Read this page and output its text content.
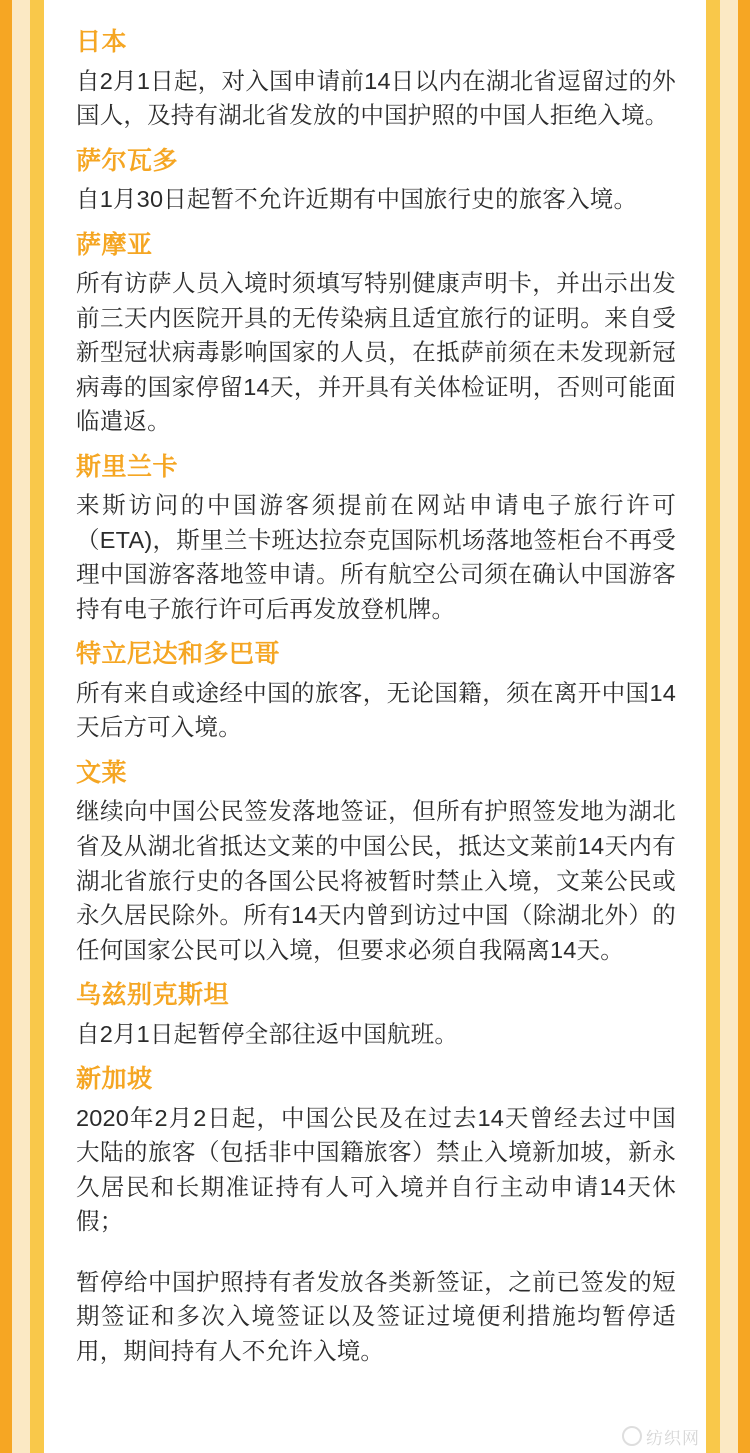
日本

自2月1日起，对入国申请前14日以内在湖北省逗留过的外国人，及持有湖北省发放的中国护照的中国人拒绝入境。

萨尔瓦多

自1月30日起暂不允许近期有中国旅行史的旅客入境。

萨摩亚

所有访萨人员入境时须填写特别健康声明卡，并出示出发前三天内医院开具的无传染病且适宜旅行的证明。来自受新型冠状病毒影响国家的人员，在抵萨前须在未发现新冠病毒的国家停留14天，并开具有关体检证明，否则可能面临遣返。

斯里兰卡

来斯访问的中国游客须提前在网站申请电子旅行许可（ETA)，斯里兰卡班达拉奈克国际机场落地签柜台不再受理中国游客落地签申请。所有航空公司须在确认中国游客持有电子旅行许可后再发放登机牌。

特立尼达和多巴哥

所有来自或途经中国的旅客，无论国籍，须在离开中国14天后方可入境。

文莱

继续向中国公民签发落地签证，但所有护照签发地为湖北省及从湖北省抵达文莱的中国公民，抵达文莱前14天内有湖北省旅行史的各国公民将被暂时禁止入境，文莱公民或永久居民除外。所有14天内曾到访过中国（除湖北外）的任何国家公民可以入境，但要求必须自我隔离14天。

乌兹别克斯坦

自2月1日起暂停全部往返中国航班。

新加坡

2020年2月2日起，中国公民及在过去14天曾经去过中国大陆的旅客（包括非中国籍旅客）禁止入境新加坡，新永久居民和长期准证持有人可入境并自行主动申请14天休假；

暂停给中国护照持有者发放各类新签证，之前已签发的短期签证和多次入境签证以及签证过境便利措施均暂停适用，期间持有人不允许入境。

纺织网
